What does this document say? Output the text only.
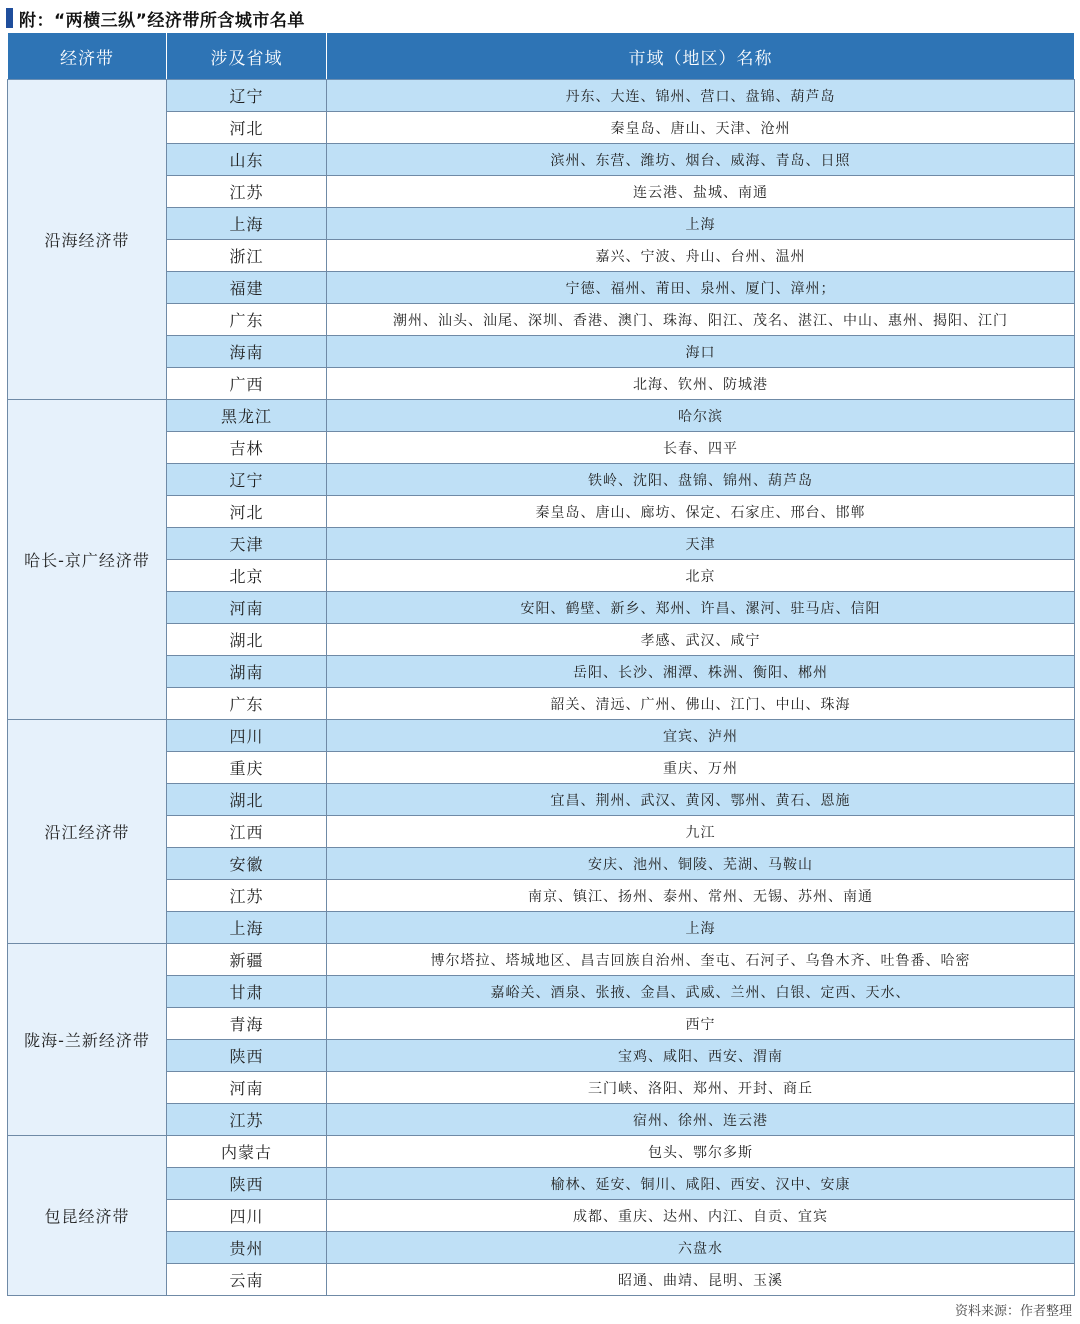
附：“两横三纵”经济带所含城市名单
经济带	涉及省域	市域（地区）名称
沿海经济带	辽宁	丹东、大连、锦州、营口、盘锦、葫芦岛
	河北	秦皇岛、唐山、天津、沧州
	山东	滨州、东营、潍坊、烟台、威海、青岛、日照
	江苏	连云港、盐城、南通
	上海	上海
	浙江	嘉兴、宁波、舟山、台州、温州
	福建	宁德、福州、莆田、泉州、厦门、漳州；
	广东	潮州、汕头、汕尾、深圳、香港、澳门、珠海、阳江、茂名、湛江、中山、惠州、揭阳、江门
	海南	海口
	广西	北海、钦州、防城港
哈长-京广经济带	黑龙江	哈尔滨
	吉林	长春、四平
	辽宁	铁岭、沈阳、盘锦、锦州、葫芦岛
	河北	秦皇岛、唐山、廊坊、保定、石家庄、邢台、邯郸
	天津	天津
	北京	北京
	河南	安阳、鹤壁、新乡、郑州、许昌、漯河、驻马店、信阳
	湖北	孝感、武汉、咸宁
	湖南	岳阳、长沙、湘潭、株洲、衡阳、郴州
	广东	韶关、清远、广州、佛山、江门、中山、珠海
沿江经济带	四川	宜宾、泸州
	重庆	重庆、万州
	湖北	宜昌、荆州、武汉、黄冈、鄂州、黄石、恩施
	江西	九江
	安徽	安庆、池州、铜陵、芜湖、马鞍山
	江苏	南京、镇江、扬州、泰州、常州、无锡、苏州、南通
	上海	上海
陇海-兰新经济带	新疆	博尔塔拉、塔城地区、昌吉回族自治州、奎屯、石河子、乌鲁木齐、吐鲁番、哈密
	甘肃	嘉峪关、酒泉、张掖、金昌、武威、兰州、白银、定西、天水、
	青海	西宁
	陕西	宝鸡、咸阳、西安、渭南
	河南	三门峡、洛阳、郑州、开封、商丘
	江苏	宿州、徐州、连云港
包昆经济带	内蒙古	包头、鄂尔多斯
	陕西	榆林、延安、铜川、咸阳、西安、汉中、安康
	四川	成都、重庆、达州、内江、自贡、宜宾
	贵州	六盘水
	云南	昭通、曲靖、昆明、玉溪
资料来源：作者整理
